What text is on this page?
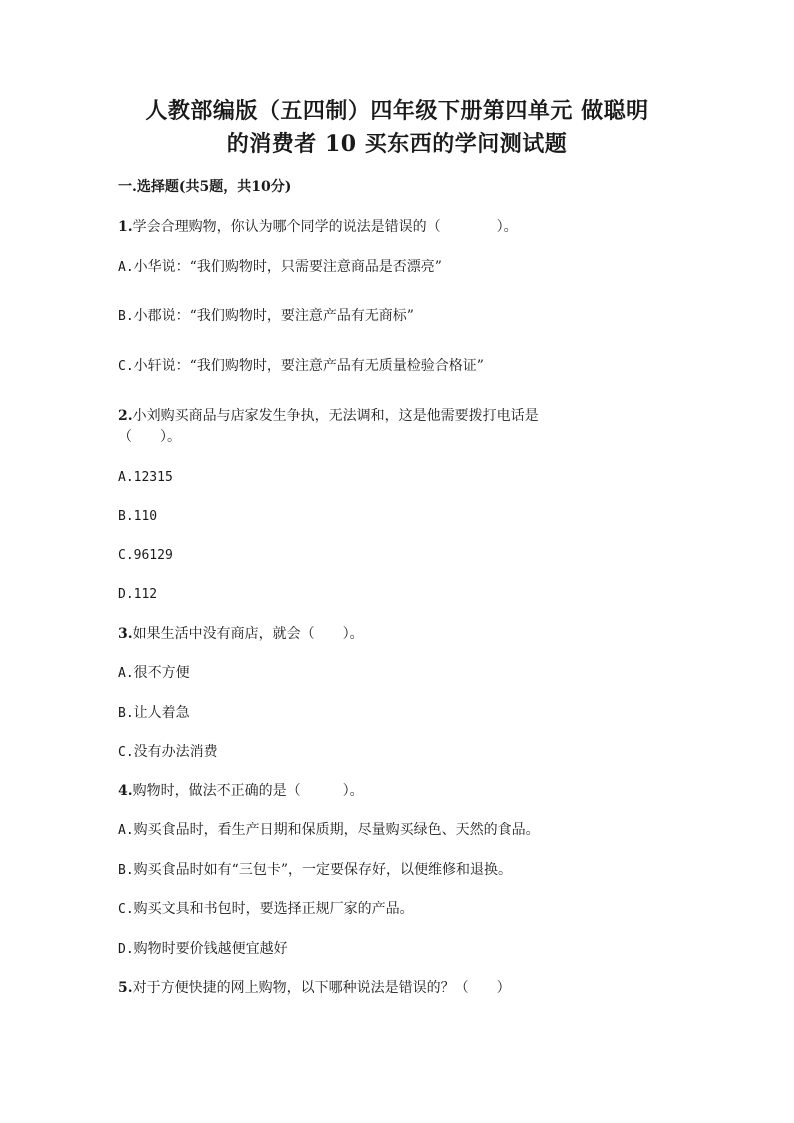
人教部编版（五四制）四年级下册第四单元 做聪明
的消费者 10 买东西的学问测试题
一.选择题(共5题，共10分)
1.学会合理购物，你认为哪个同学的说法是错误的（　　　　）。
A.小华说：“我们购物时，只需要注意商品是否漂亮”
B.小郡说：“我们购物时，要注意产品有无商标”
C.小轩说：“我们购物时，要注意产品有无质量检验合格证”
2.小刘购买商品与店家发生争执，无法调和，这是他需要拨打电话是
（　　）。
A.12315
B.110
C.96129
D.112
3.如果生活中没有商店，就会（　　）。
A.很不方便
B.让人着急
C.没有办法消费
4.购物时，做法不正确的是（　　　）。
A.购买食品时，看生产日期和保质期，尽量购买绿色、天然的食品。
B.购买食品时如有“三包卡”，一定要保存好，以便维修和退换。
C.购买文具和书包时，要选择正规厂家的产品。
D.购物时要价钱越便宜越好
5.对于方便快捷的网上购物，以下哪种说法是错误的？（　　）
